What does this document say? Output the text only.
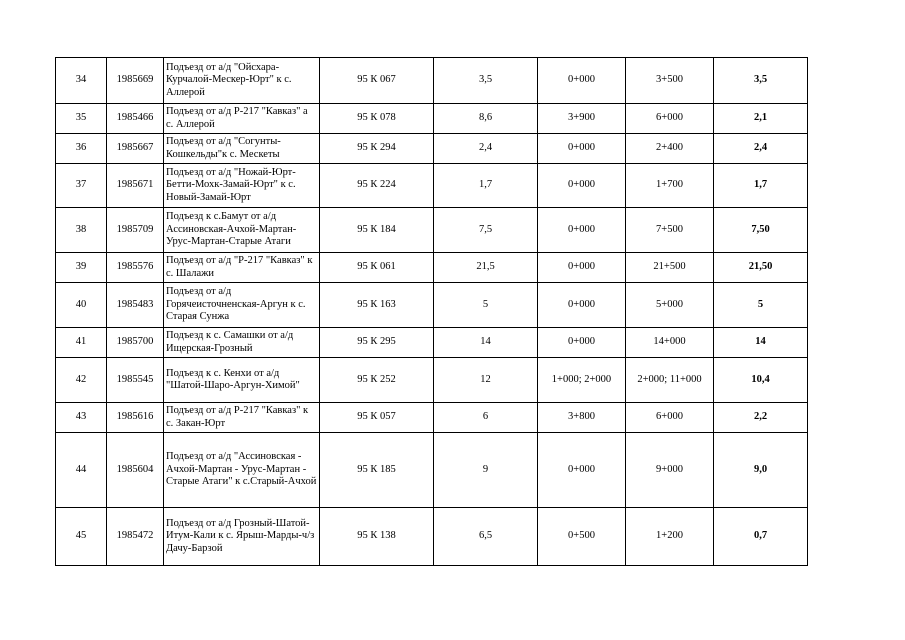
34	1985669	Подъезд от а/д "Ойсхара-Курчалой-Мескер-Юрт" к с. Аллерой	95 К 067	3,5	0+000	3+500	3,5
35	1985466	Подъезд от а/д Р-217 "Кавказ" а с. Аллерой	95 К 078	8,6	3+900	6+000	2,1
36	1985667	Подъезд от а/д "Согунты-Кошкельды"к с. Мескеты	95 К 294	2,4	0+000	2+400	2,4
37	1985671	Подъезд от а/д "Ножай-Юрт-Бетти-Мохк-Замай-Юрт" к с. Новый-Замай-Юрт	95 К 224	1,7	0+000	1+700	1,7
38	1985709	Подъезд к с.Бамут от а/д Ассиновская-Ачхой-Мартан-Урус-Мартан-Старые Атаги	95 К 184	7,5	0+000	7+500	7,50
39	1985576	Подъезд от а/д "Р-217 "Кавказ" к с. Шалажи	95 К 061	21,5	0+000	21+500	21,50
40	1985483	Подъезд от а/д Горячеисточненская-Аргун к с. Старая Сунжа	95 К 163	5	0+000	5+000	5
41	1985700	Подъезд к с. Самашки от а/д Ищерская-Грозный	95 К 295	14	0+000	14+000	14
42	1985545	Подъезд к с. Кенхи от а/д "Шатой-Шаро-Аргун-Химой"	95 К 252	12	1+000; 2+000	2+000; 11+000	10,4
43	1985616	Подъезд от а/д Р-217 "Кавказ" к с. Закан-Юрт	95 К 057	6	3+800	6+000	2,2
44	1985604	Подъезд от а/д "Ассиновская - Ачхой-Мартан - Урус-Мартан - Старые Атаги" к с.Старый-Ачхой	95 К 185	9	0+000	9+000	9,0
45	1985472	Подъезд от а/д Грозный-Шатой-Итум-Кали к с. Ярыш-Марды-ч/з Дачу-Барзой	95 К 138	6,5	0+500	1+200	0,7
